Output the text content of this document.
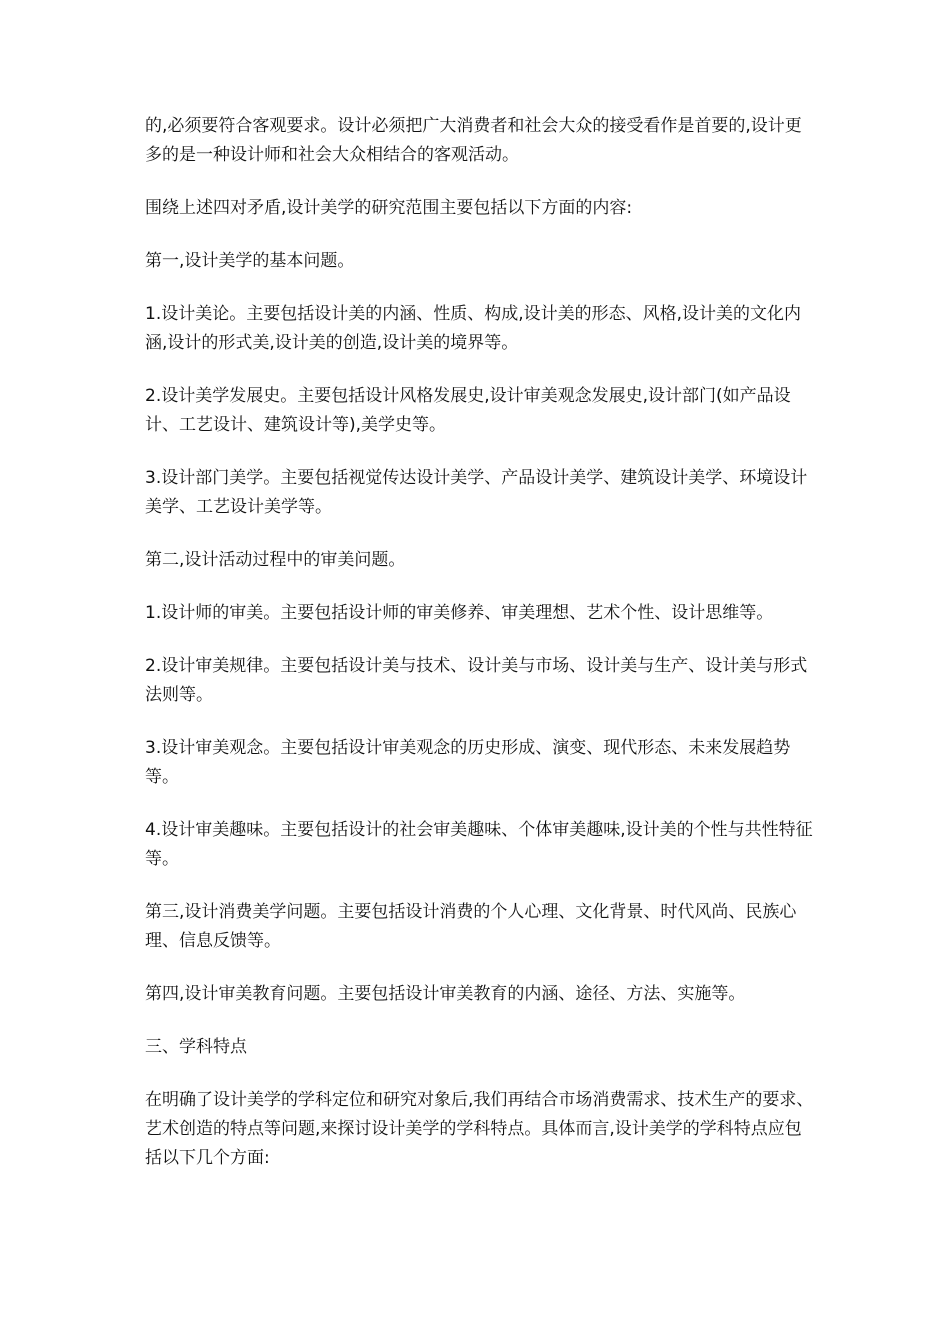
的,必须要符合客观要求。设计必须把广大消费者和社会大众的接受看作是首要的,设计更多的是一种设计师和社会大众相结合的客观活动。

围绕上述四对矛盾,设计美学的研究范围主要包括以下方面的内容:

第一,设计美学的基本问题。

1.设计美论。主要包括设计美的内涵、性质、构成,设计美的形态、风格,设计美的文化内涵,设计的形式美,设计美的创造,设计美的境界等。

2.设计美学发展史。主要包括设计风格发展史,设计审美观念发展史,设计部门(如产品设计、工艺设计、建筑设计等),美学史等。

3.设计部门美学。主要包括视觉传达设计美学、产品设计美学、建筑设计美学、环境设计美学、工艺设计美学等。

第二,设计活动过程中的审美问题。

1.设计师的审美。主要包括设计师的审美修养、审美理想、艺术个性、设计思维等。

2.设计审美规律。主要包括设计美与技术、设计美与市场、设计美与生产、设计美与形式法则等。

3.设计审美观念。主要包括设计审美观念的历史形成、演变、现代形态、未来发展趋势等。

4.设计审美趣味。主要包括设计的社会审美趣味、个体审美趣味,设计美的个性与共性特征等。

第三,设计消费美学问题。主要包括设计消费的个人心理、文化背景、时代风尚、民族心理、信息反馈等。

第四,设计审美教育问题。主要包括设计审美教育的内涵、途径、方法、实施等。

三、学科特点

在明确了设计美学的学科定位和研究对象后,我们再结合市场消费需求、技术生产的要求、艺术创造的特点等问题,来探讨设计美学的学科特点。具体而言,设计美学的学科特点应包括以下几个方面:
